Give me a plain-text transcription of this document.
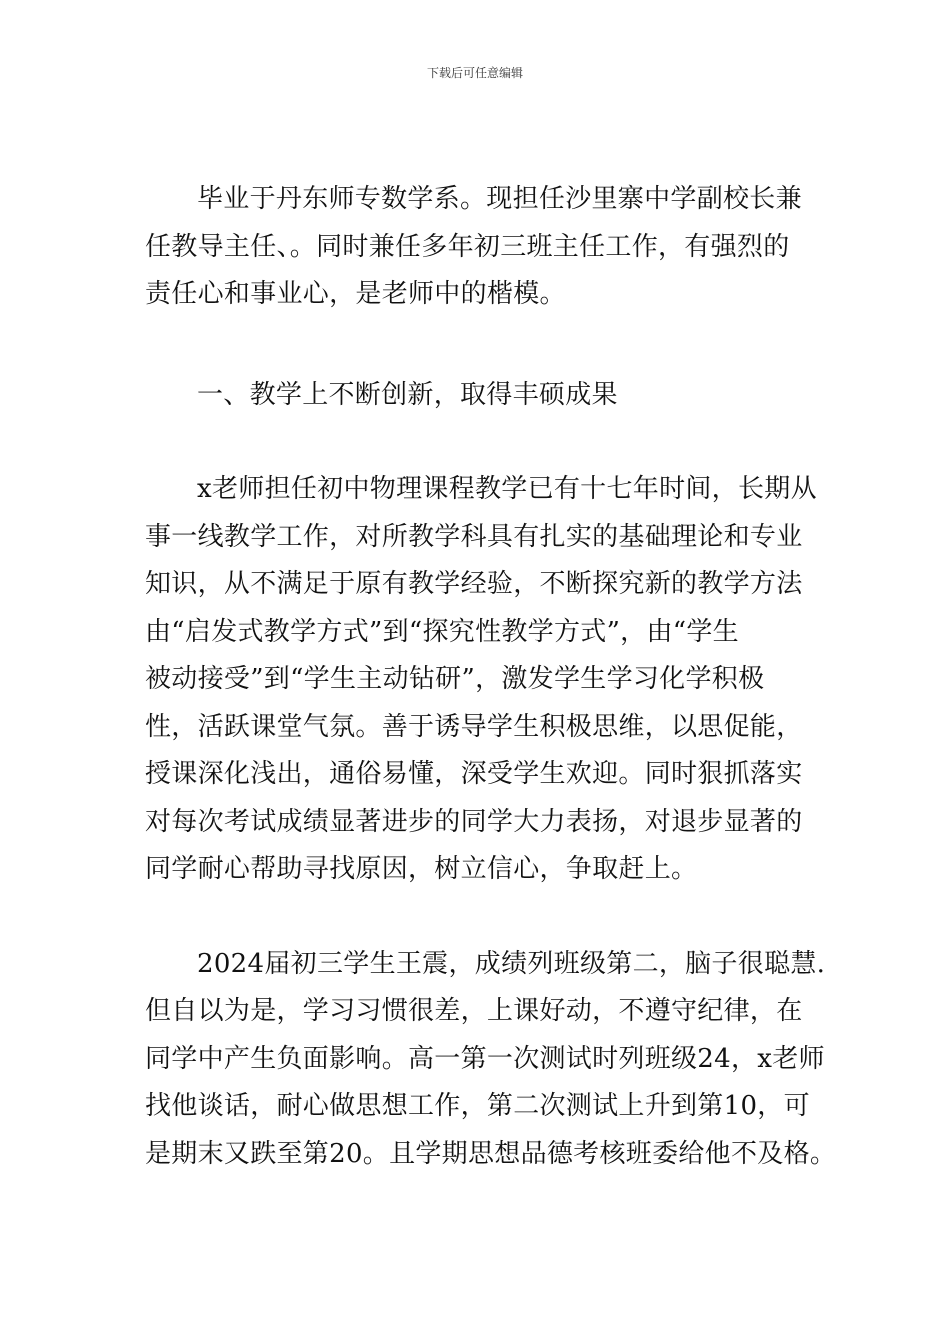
下载后可任意编辑
毕业于丹东师专数学系。现担任沙里寨中学副校长兼
任教导主任、。同时兼任多年初三班主任工作，有强烈的
责任心和事业心，是老师中的楷模。
一、教学上不断创新，取得丰硕成果
x老师担任初中物理课程教学已有十七年时间，长期从
事一线教学工作，对所教学科具有扎实的基础理论和专业
知识，从不满足于原有教学经验，不断探究新的教学方法
由“启发式教学方式”到“探究性教学方式”，由“学生
被动接受”到“学生主动钻研”，激发学生学习化学积极
性，活跃课堂气氛。善于诱导学生积极思维，以思促能，
授课深化浅出，通俗易懂，深受学生欢迎。同时狠抓落实
对每次考试成绩显著进步的同学大力表扬，对退步显著的
同学耐心帮助寻找原因，树立信心，争取赶上。
2024届初三学生王震，成绩列班级第二，脑子很聪慧.
但自以为是，学习习惯很差，上课好动，不遵守纪律，在
同学中产生负面影响。高一第一次测试时列班级24，x老师
找他谈话，耐心做思想工作，第二次测试上升到第10，可
是期末又跌至第20。且学期思想品德考核班委给他不及格。
